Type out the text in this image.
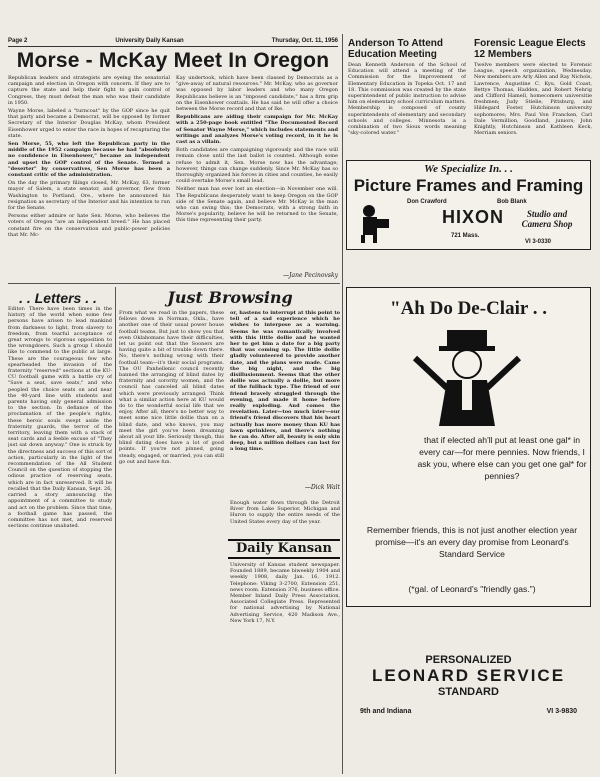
Page 2	University Daily Kansan	Thursday, Oct. 11, 1956
Morse - McKay Meet In Oregon

Republican leaders and strategists are eyeing the senatorial campaign and election in Oregon with concern. If they are to capture the state and help their fight to gain control of Congress, they must defeat the man who was their candidate in 1950.

Wayne Morse, labeled a "turncoat" by the GOP since he quit that party and became a Democrat, will be opposed by former Secretary of the Interior Douglas McKay, whom President Eisenhower urged to enter the race in hopes of recapturing the state.

Sen Morse, 55, who left the Republican party in the middle of the 1952 campaign because he had "absolutely no confidence in Eisenhower," became an independent and upset the GOP control of the Senate. Termed a "deserter" by conservatives, Sen Morse has been a constant critic of the administration.

On the day the primary filings closed, Mr. McKay, 63, former mayor of Salem, a state senator, and governor, flew from Washington to Portland, Ore., where he announced his resignation as secretary of the Interior and his intention to run for the Senate.

Persons either admire or hate Sen. Morse, who believes the voters of Oregon "are an independent breed." He has placed constant fire on the conservation and public-power policies that Mr. Mc-

Kay undertook, which have been classed by Democrats as a "give-away of natural resources." Mr. McKay, who as governor was opposed by labor leaders and who many Oregon Republicans believe is an "imposed candidate," has a firm grip on the Eisenhower coattails. He has said he will offer a choice between the Morse record and that of Ike.

Republicans are aiding their campaign for Mr. McKay with a 250-page book entitled "The Documented Record of Senator Wayne Morse," which includes statements and writings and analyzes Morse's voting record, in it he is cast as a villain.

Both candidates are campaigning vigorously and the race will remain close until the last ballot is counted. Although some refuse to admit it, Sen. Morse now has the advantage; however, things can change suddenly. Since Mr. McKay has so thoroughly organized his forces in cities and counties, he easily could overtake Morse's small lead.

Neither man has ever lost an election—in November one will. The Republicans desperately want to keep Oregon on the GOP side of the Senate again, and believe Mr. McKay is the man who can swing this; the Democrats, with a strong faith in Morse's popularity, believe he will be returned to the Senate, this time representing their party.

—Jane Pecinovsky
Anderson To Attend Education Meeting

Dean Kenneth Anderson of the School of Education will attend a meeting of the Commission for the Improvement of Elementary Education in Topeka Oct. 17 and 18. This commission was created by the state superintendent of public instruction to advise him on elementary school curriculum matters. Membership is composed of county superintendents of elementary and secondary schools and colleges. Minnesota is a combination of two Sioux words meaning "sky-colored water."

Forensic League Elects 12 Members

Twelve members were elected to Forensic League, speech organization, Wednesday. New members are Arly Allen and Ray Nichols, Lawrence, Augustine C. Kyu, Gold Coast, Bettye Thomas, Hadden, and Robert Nehrig and Clifford Hamell, homecomers universitie freshmen; Judy Stielie, Pittsburg, and Hildegard Foster, Hutchinson university sophomores; Mrs. Paul Von Francken, Carl Dale Vermillion, Goodland, juniors; John Knightly, Hutchinson and Kathleen Keck, Merriam seniors.

We Specialize In. . .
Picture Frames and Framing
Don Crawford	Bob Blank
HIXON
721 Mass.
Studio and Camera Shop
VI 3-0330
. . Letters . .

Editor: There have been times in the history of the world when some few persons have arisen to lead mankind from darkness to light, from slavery to freedom, from tearful acceptance of great wrongs to vigorous opposition to the wrongdoers. Such a group I should like to commend to the public at large. These are the courageous few who spearheaded the invasion of the fraternity "reserved" sections at the KU-CU football game with a battle cry of "Save a seat, save seats," and who peopled the choice seats on and near the 40-yard line with students and parents having only general admission to the section. In defiance of the proclamation of the people's rights, these heroic souls swept aside the fraternity guards, the terror of the territory, leaving them with a stack of seat cards and a feeble excuse of "They just sat down anyway." One is struck by the directness and success of this sort of action, particularly in the light of the recommendation of the All Student Council on the question of stopping the odious practice of reserving seats, which are in fact unreserved. It will be recalled that the Daily Kansan, Sept. 26, carried a story announcing the appointment of a committee to study and act on the problem. Since that time, a football game has passed, the committee has not met, and reserved sections continue unabated.

Just Browsing

From what we read in the papers, these fellows down in Norman, Okla., have another one of their usual power house football teams. But just to show you that even Oklahomans have their difficulties, let us point out that the Sooners are having quite a bit of trouble down there. No, there's nothing wrong with their football team—it's their social programs. The OU Panhellenic council recently banned the arranging of blind dates by fraternity and sorority women, and the council has canceled all blind dates which were previously arranged. Think what a similar action here at KU would do to the wonderful social life that we enjoy. After all, there's no better way to meet some nice little dollie than on a blind date, and who knows, you may meet the girl you've been dreaming about all your life. Seriously though, this blind dating does have a lot of good points. If you're not pinned, going steady, engaged, or married, you can still go out and have fun.

or, hastens to interrupt at this point to tell of a sad experience which he wishes to interpose as a warning. Seems he was romantically involved with this little dollie and he wanted her to get him a date for a big party that was coming up. The little dollie gladly volunteered to provide another date, and the plans were made. Came the big night, and the big disillusionment. Seems that the other dollie was actually a dollie, but more of the fullback type. The friend of our friend bravely struggled through the evening, and made it home before really exploding. And comes the revelation. Later—too much later—our friend's friend discovers that his heart actually has more money than KU has lawn sprinklers, and there's nothing he can do. After all, beauty is only skin deep, but a million dollars can last for a long time.

—Dick Walt

Enough water flows through the Detroit River from Lake Superior, Michigan and Huron to supply the entire needs of the United States every day of the year.

Daily Kansan

University of Kansas student newspaper. Founded 1889, became biweekly 1904 and weekly 1908, daily Jan. 16, 1912. Telephone: Viking 3-2700, Extension 251, news room. Extension 376, business office. Member Inland Daily Press Association, Associated Collegiate Press. Represented for national advertising by National Advertising Service, 420 Madison Ave., New York 17, N.Y.

"Ah Do De-Clair . .
that if elected ah'll put at least one gal* in every car—for mere pennies. Now friends, I ask you, where else can you get one gal* for pennies?
Remember friends, this is not just another election year promise—it's an every day promise from Leonard's Standard Service
(*gal. of Leonard's "friendly gas.")
PERSONALIZED
LEONARD SERVICE
STANDARD
9th and Indiana	VI 3-9830
